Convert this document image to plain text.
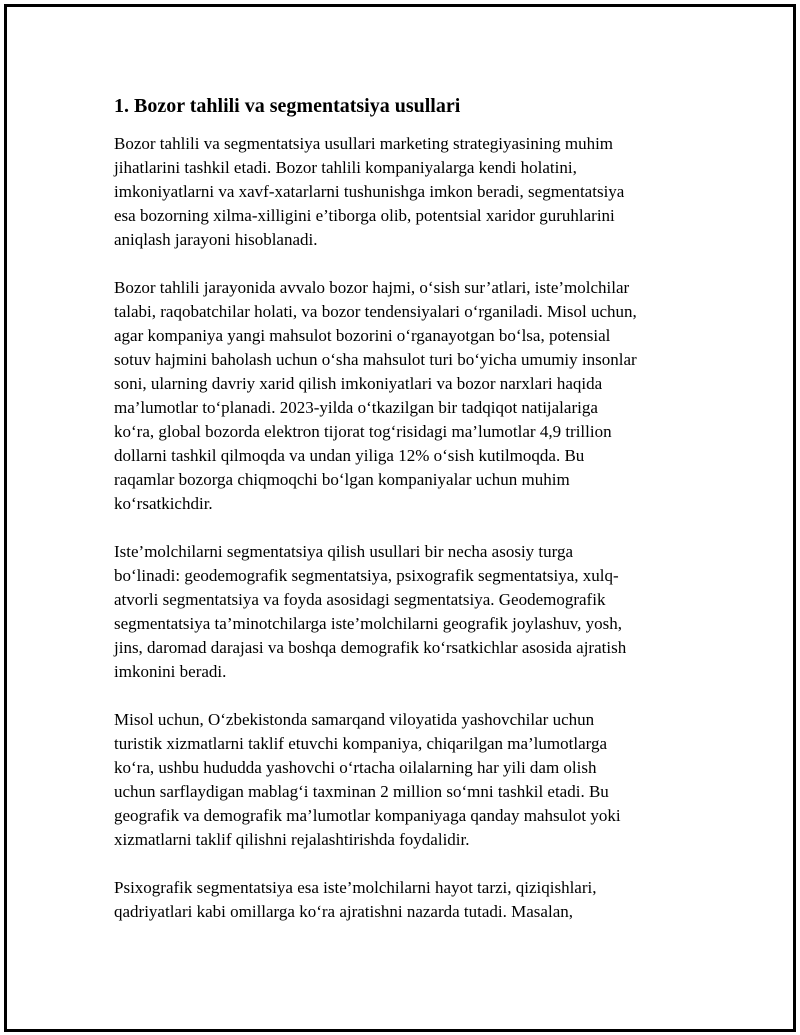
1. Bozor tahlili va segmentatsiya usullari

Bozor tahlili va segmentatsiya usullari marketing strategiyasining muhim
jihatlarini tashkil etadi. Bozor tahlili kompaniyalarga kendi holatini,
imkoniyatlarni va xavf-xatarlarni tushunishga imkon beradi, segmentatsiya
esa bozorning xilma-xilligini e’tiborga olib, potentsial xaridor guruhlarini
aniqlash jarayoni hisoblanadi.

Bozor tahlili jarayonida avvalo bozor hajmi, o‘sish sur’atlari, iste’molchilar
talabi, raqobatchilar holati, va bozor tendensiyalari o‘rganiladi. Misol uchun,
agar kompaniya yangi mahsulot bozorini o‘rganayotgan bo‘lsa, potensial
sotuv hajmini baholash uchun o‘sha mahsulot turi bo‘yicha umumiy insonlar
soni, ularning davriy xarid qilish imkoniyatlari va bozor narxlari haqida
ma’lumotlar to‘planadi. 2023-yilda o‘tkazilgan bir tadqiqot natijalariga
ko‘ra, global bozorda elektron tijorat tog‘risidagi ma’lumotlar 4,9 trillion
dollarni tashkil qilmoqda va undan yiliga 12% o‘sish kutilmoqda. Bu
raqamlar bozorga chiqmoqchi bo‘lgan kompaniyalar uchun muhim
ko‘rsatkichdir.

Iste’molchilarni segmentatsiya qilish usullari bir necha asosiy turga
bo‘linadi: geodemografik segmentatsiya, psixografik segmentatsiya, xulq-
atvorli segmentatsiya va foyda asosidagi segmentatsiya. Geodemografik
segmentatsiya ta’minotchilarga iste’molchilarni geografik joylashuv, yosh,
jins, daromad darajasi va boshqa demografik ko‘rsatkichlar asosida ajratish
imkonini beradi.

Misol uchun, O‘zbekistonda samarqand viloyatida yashovchilar uchun
turistik xizmatlarni taklif etuvchi kompaniya, chiqarilgan ma’lumotlarga
ko‘ra, ushbu hududda yashovchi o‘rtacha oilalarning har yili dam olish
uchun sarflaydigan mablag‘i taxminan 2 million so‘mni tashkil etadi. Bu
geografik va demografik ma’lumotlar kompaniyaga qanday mahsulot yoki
xizmatlarni taklif qilishni rejalashtirishda foydalidir.

Psixografik segmentatsiya esa iste’molchilarni hayot tarzi, qiziqishlari,
qadriyatlari kabi omillarga ko‘ra ajratishni nazarda tutadi. Masalan,
